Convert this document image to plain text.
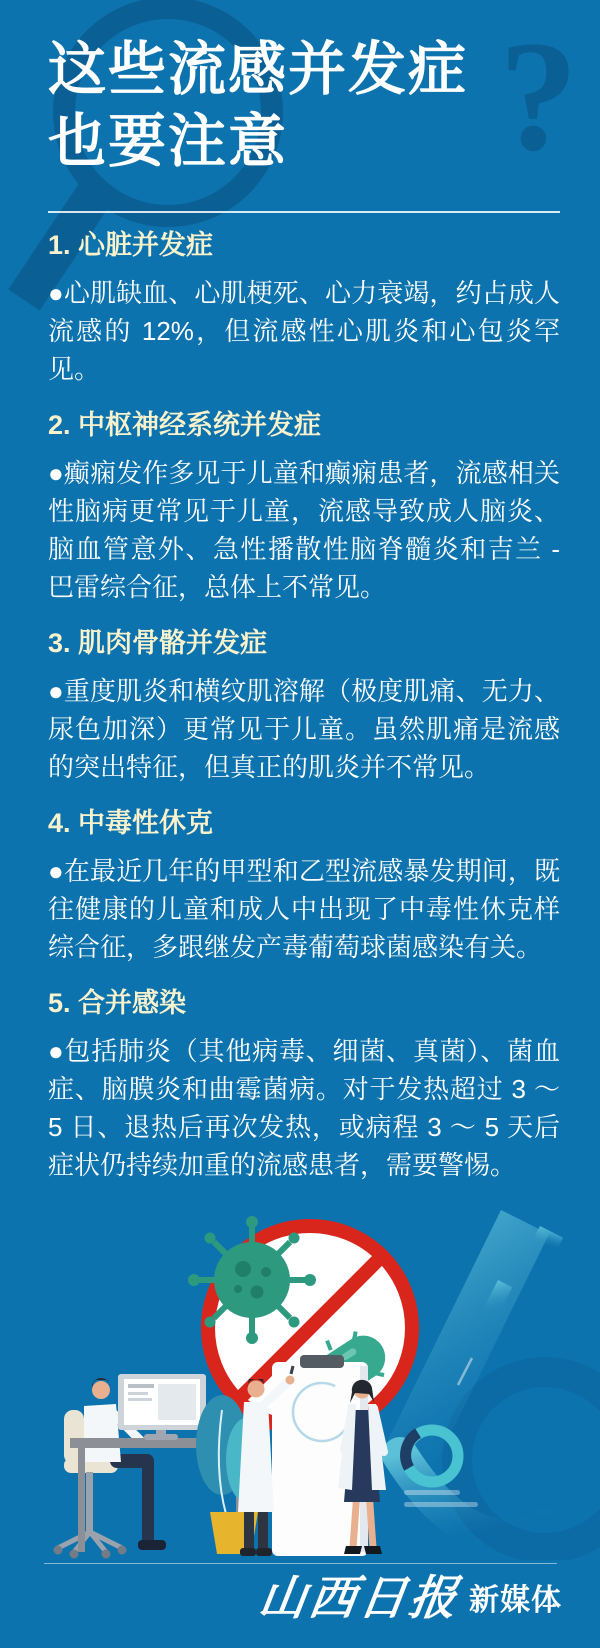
?
这些流感并发症
也要注意
1. 心脏并发症

●心肌缺血、心肌梗死、心力衰竭，约占成人流感的 12%，但流感性心肌炎和心包炎罕见。

2. 中枢神经系统并发症

●癫痫发作多见于儿童和癫痫患者，流感相关性脑病更常见于儿童，流感导致成人脑炎、脑血管意外、急性播散性脑脊髓炎和吉兰 - 巴雷综合征，总体上不常见。

3. 肌肉骨骼并发症

●重度肌炎和横纹肌溶解（极度肌痛、无力、尿色加深）更常见于儿童。虽然肌痛是流感的突出特征，但真正的肌炎并不常见。

4. 中毒性休克

●在最近几年的甲型和乙型流感暴发期间，既往健康的儿童和成人中出现了中毒性休克样综合征，多跟继发产毒葡萄球菌感染有关。

5. 合并感染

●包括肺炎（其他病毒、细菌、真菌）、菌血症、脑膜炎和曲霉菌病。对于发热超过 3 ～ 5 日、退热后再次发热，或病程 3 ～ 5 天后症状仍持续加重的流感患者，需要警惕。

山西日报 新媒体
